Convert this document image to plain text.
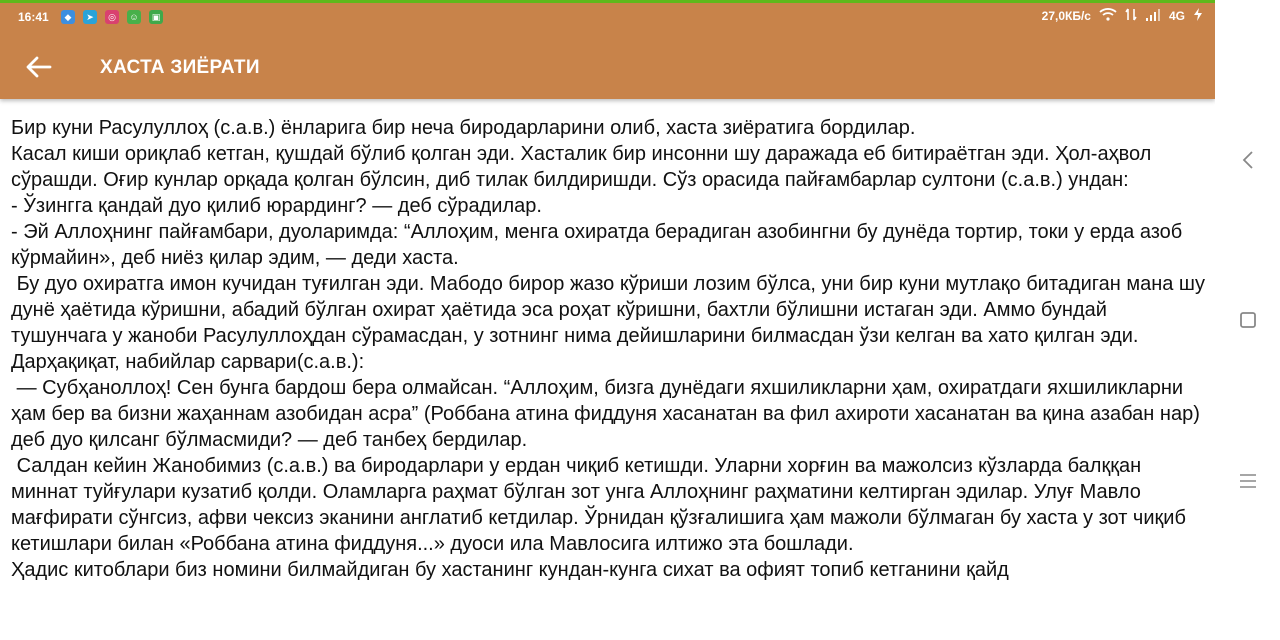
16:41	◆	➤	◎	☺	▣	27,0КБ/с	4G
ХАСТА ЗИЁРАТИ

Бир куни Расулуллоҳ (с.а.в.) ёнларига бир неча биродарларини олиб, хаста зиёратига бордилар.

Касал киши ориқлаб кетган, қушдай бўлиб қолган эди. Хасталик бир инсонни шу даражада еб битираётган эди. Ҳол-аҳвол сўрашди. Оғир кунлар орқада қолган бўлсин, диб тилак билдиришди. Сўз орасида пайғамбарлар султони (с.а.в.) ундан:

- Ўзингга қандай дуо қилиб юрардинг? — деб сўрадилар.

- Эй Аллоҳнинг пайғамбари, дуоларимда: “Аллоҳим, менга охиратда берадиган азобингни бу дунёда тортир, токи у ерда азоб кўрмайин», деб ниёз қилар эдим, — деди хаста.

Бу дуо охиратга имон кучидан туғилган эди. Мабодо бирор жазо кўриши лозим бўлса, уни бир куни мутлақо битадиган мана шу дунё ҳаётида кўришни, абадий бўлган охират ҳаётида эса роҳат кўришни, бахтли бўлишни истаган эди. Аммо бундай тушунчага у жаноби Расулуллоҳдан сўрамасдан, у зотнинг нима дейишларини билмасдан ўзи келган ва хато қилган эди. Дарҳақиқат, набийлар сарвари(с.а.в.):

— Субҳаноллоҳ! Сен бунга бардош бера олмайсан. “Аллоҳим, бизга дунёдаги яхшиликларни ҳам, охиратдаги яхшиликларни ҳам бер ва бизни жаҳаннам азобидан асра” (Роббана атина фиддуня хасанатан ва фил ахироти хасанатан ва қина азабан нар) деб дуо қилсанг бўлмасмиди? — деб танбеҳ бердилар.

Салдан кейин Жанобимиз (с.а.в.) ва биродарлари у ердан чиқиб кетишди. Уларни хорғин ва мажолсиз кўзларда балққан миннат туйғулари кузатиб қолди. Оламларга раҳмат бўлган зот унга Аллоҳнинг раҳматини келтирган эдилар. Улуғ Мавло мағфирати сўнгсиз, афви чексиз эканини англатиб кетдилар. Ўрнидан қўзғалишига ҳам мажоли бўлмаган бу хаста у зот чиқиб кетишлари билан «Роббана атина фиддуня...» дуоси ила Мавлосига илтижо эта бошлади.

Ҳадис китоблари биз номини билмайдиган бу хастанинг кундан-кунга сихат ва офият топиб кетганини қайд
